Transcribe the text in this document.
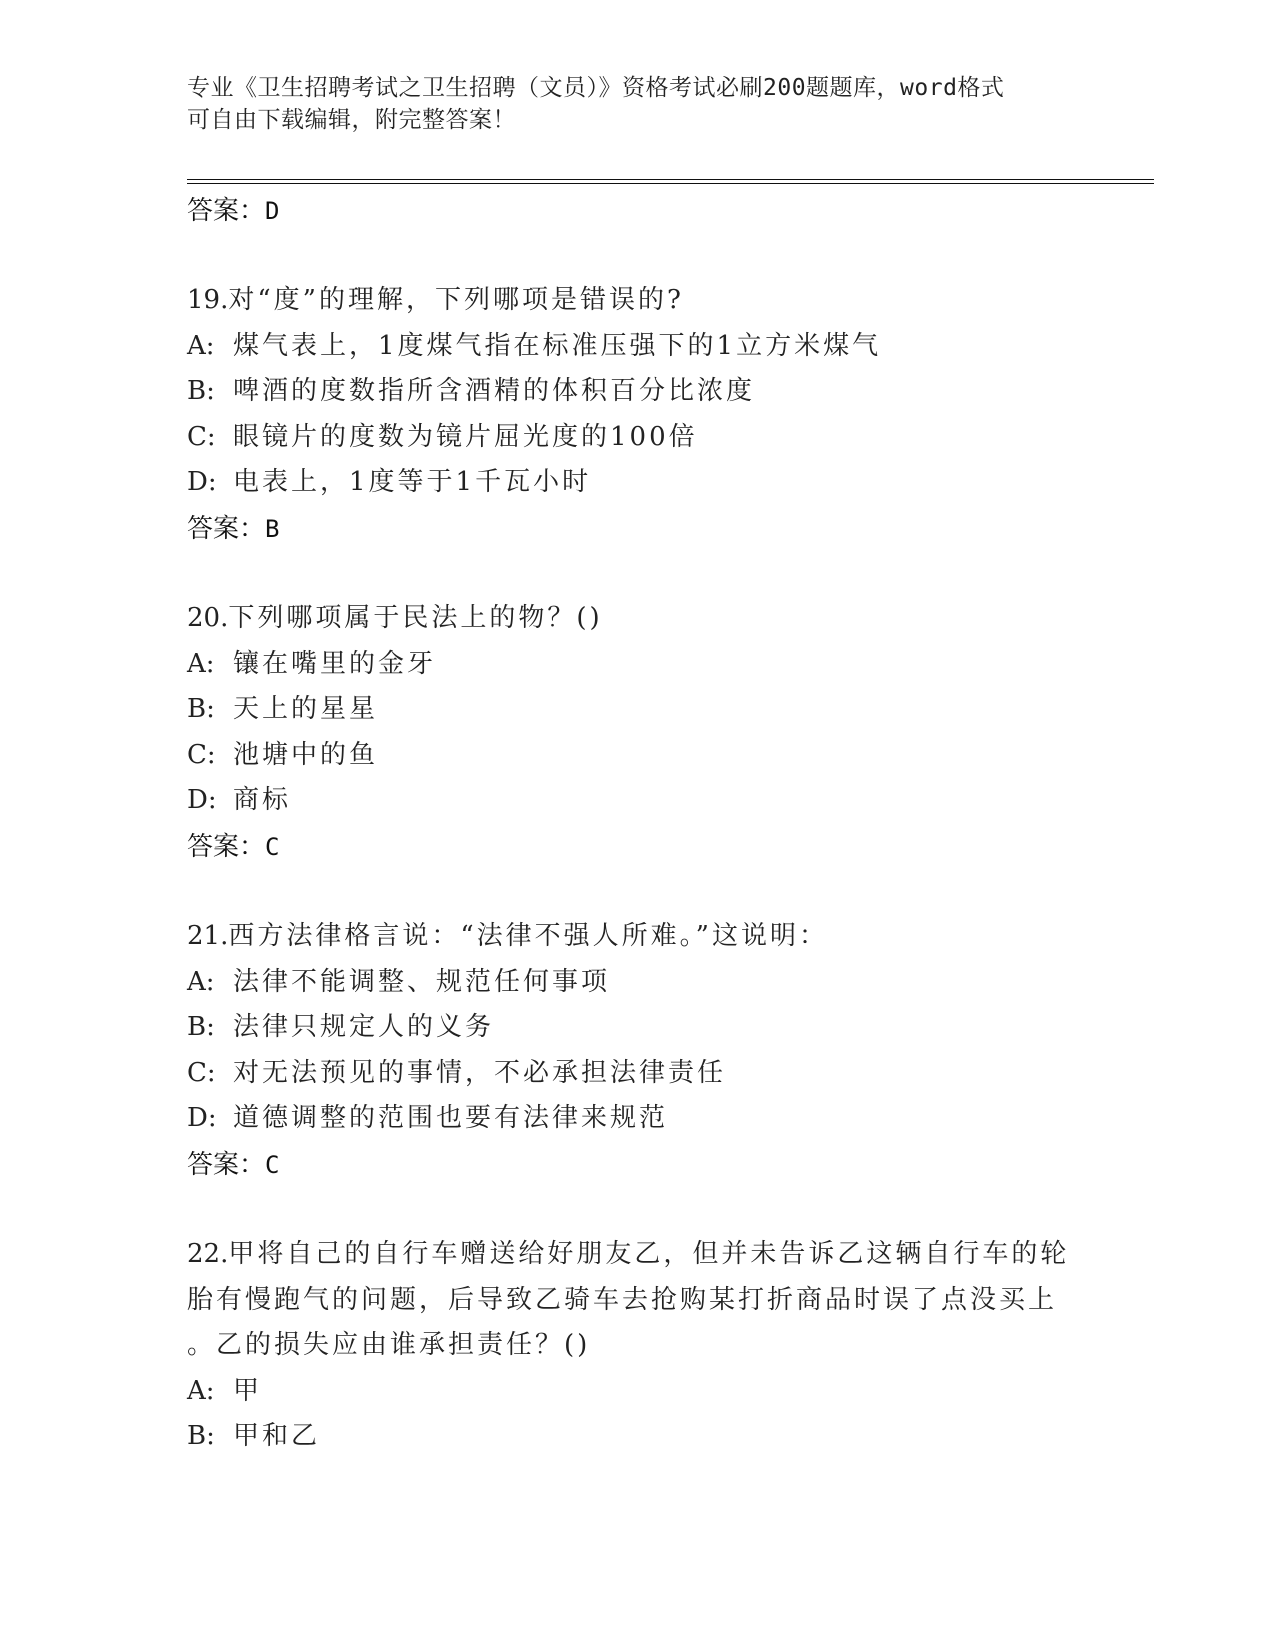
专业《卫生招聘考试之卫生招聘（文员）》资格考试必刷200题题库，word格式
可自由下载编辑，附完整答案！
答案：D
19.对“度”的理解，下列哪项是错误的?
A: 煤气表上，1度煤气指在标准压强下的1立方米煤气
B: 啤酒的度数指所含酒精的体积百分比浓度
C: 眼镜片的度数为镜片屈光度的100倍
D: 电表上，1度等于1千瓦小时
答案：B
20.下列哪项属于民法上的物？()
A: 镶在嘴里的金牙
B: 天上的星星
C: 池塘中的鱼
D: 商标
答案：C
21.西方法律格言说：“法律不强人所难。”这说明：
A: 法律不能调整、规范任何事项
B: 法律只规定人的义务
C: 对无法预见的事情，不必承担法律责任
D: 道德调整的范围也要有法律来规范
答案：C
22.甲将自己的自行车赠送给好朋友乙，但并未告诉乙这辆自行车的轮
胎有慢跑气的问题，后导致乙骑车去抢购某打折商品时误了点没买上
。乙的损失应由谁承担责任？()
A: 甲
B: 甲和乙
